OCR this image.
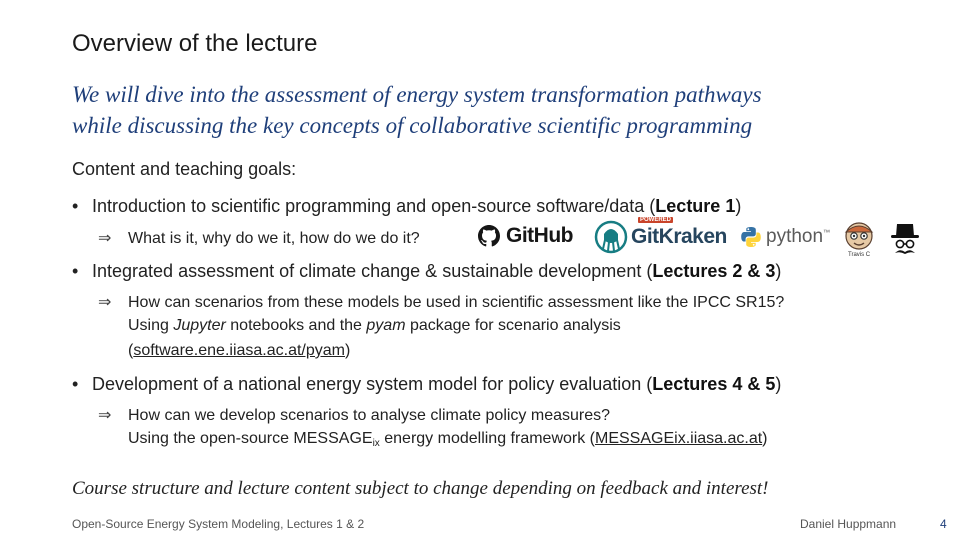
Overview of the lecture
We will dive into the assessment of energy system transformation pathways
while discussing the key concepts of collaborative scientific programming
Content and teaching goals:
• Introduction to scientific programming and open-source software/data (Lecture 1)
⇒ What is it, why do we it, how do we do it?	GitHub	GitKraken
POWERED
python™
Travis C
• Integrated assessment of climate change & sustainable development (Lectures 2 & 3)
⇒ How can scenarios from these models be used in scientific assessment like the IPCC SR15?
Using Jupyter notebooks and the pyam package for scenario analysis
(software.ene.iiasa.ac.at/pyam)
• Development of a national energy system model for policy evaluation (Lectures 4 & 5)
⇒ How can we develop scenarios to analyse climate policy measures?
Using the open-source MESSAGEix energy modelling framework (MESSAGEix.iiasa.ac.at)
Course structure and lecture content subject to change depending on feedback and interest!
Open-Source Energy System Modeling, Lectures 1 & 2	Daniel Huppmann	4
